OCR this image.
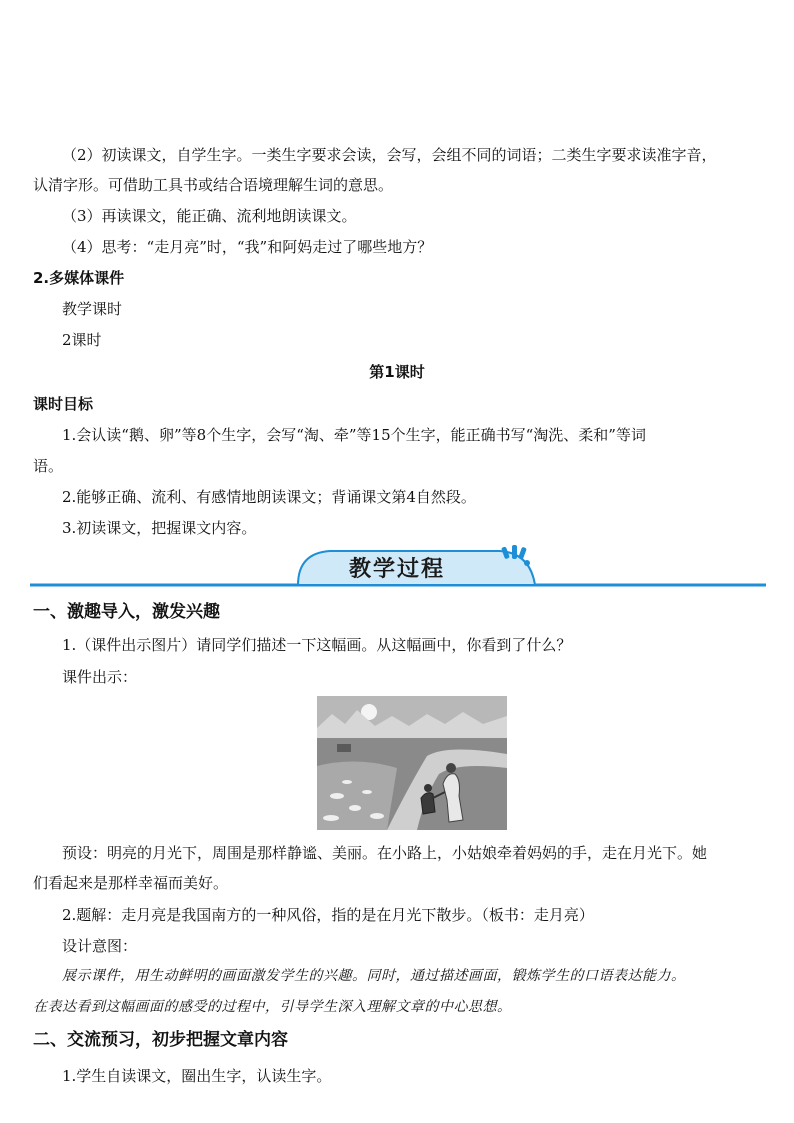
（2）初读课文，自学生字。一类生字要求会读，会写，会组不同的词语；二类生字要求读准字音，
认清字形。可借助工具书或结合语境理解生词的意思。
（3）再读课文，能正确、流利地朗读课文。
（4）思考：“走月亮”时，“我”和阿妈走过了哪些地方？
2.多媒体课件
教学课时
2课时
第1课时
课时目标
1.会认读“鹅、卵”等8个生字，会写“淘、牵”等15个生字，能正确书写“淘洗、柔和”等词
语。
2.能够正确、流利、有感情地朗读课文；背诵课文第4自然段。
3.初读课文，把握课文内容。
教学过程
一、激趣导入，激发兴趣
1.（课件出示图片）请同学们描述一下这幅画。从这幅画中，你看到了什么？
课件出示：
预设：明亮的月光下，周围是那样静谧、美丽。在小路上，小姑娘牵着妈妈的手，走在月光下。她
们看起来是那样幸福而美好。
2.题解：走月亮是我国南方的一种风俗，指的是在月光下散步。（板书：走月亮）
设计意图：
展示课件，用生动鲜明的画面激发学生的兴趣。同时，通过描述画面，锻炼学生的口语表达能力。
在表达看到这幅画面的感受的过程中，引导学生深入理解文章的中心思想。
二、交流预习，初步把握文章内容
1.学生自读课文，圈出生字，认读生字。
